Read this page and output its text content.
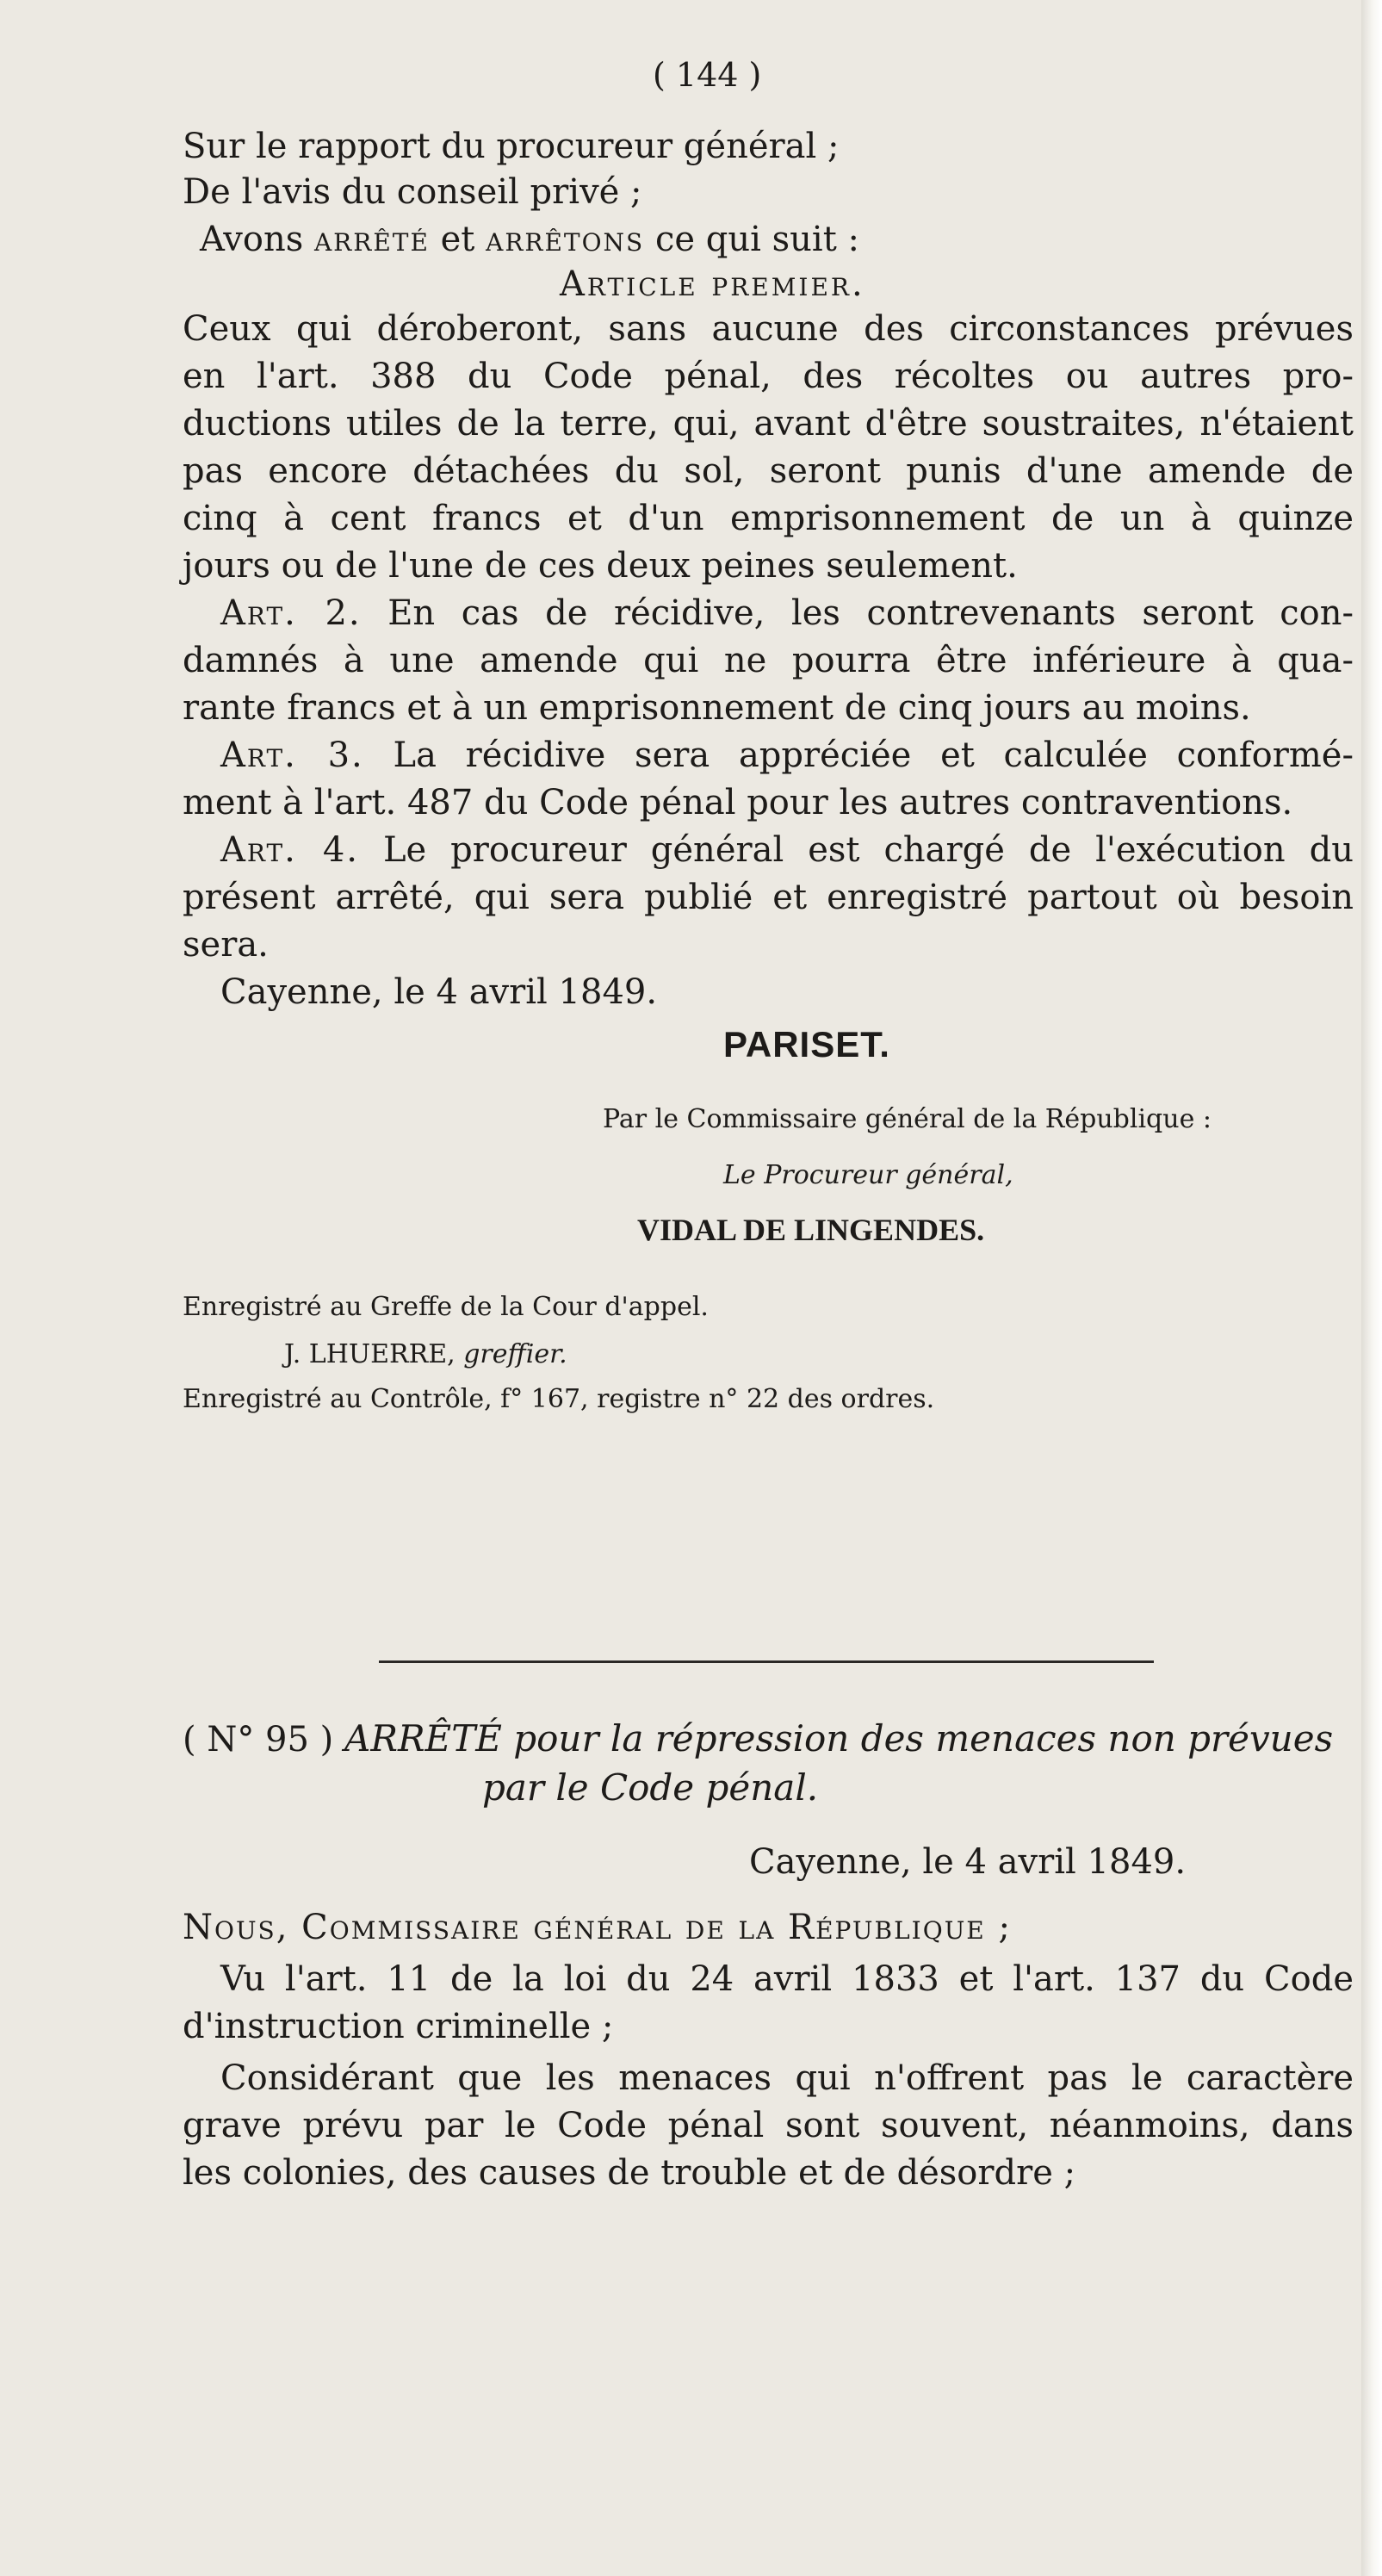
( 144 )
Sur le rapport du procureur général ;
De l'avis du conseil privé ;
Avons arrêté et arrêtons ce qui suit :
Article premier.
Ceux qui déroberont, sans aucune des circonstances prévues
en l'art. 388 du Code pénal, des récoltes ou autres pro-
ductions utiles de la terre, qui, avant d'être soustraites, n'étaient
pas encore détachées du sol, seront punis d'une amende de
cinq à cent francs et d'un emprisonnement de un à quinze
jours ou de l'une de ces deux peines seulement.
Art. 2. En cas de récidive, les contrevenants seront con-
damnés à une amende qui ne pourra être inférieure à qua-
rante francs et à un emprisonnement de cinq jours au moins.
Art. 3. La récidive sera appréciée et calculée conformé-
ment à l'art. 487 du Code pénal pour les autres contraventions.
Art. 4. Le procureur général est chargé de l'exécution du
présent arrêté, qui sera publié et enregistré partout où besoin
sera.
Cayenne, le 4 avril 1849.
PARISET.
Par le Commissaire général de la République :
Le Procureur général,
VIDAL DE LINGENDES.
Enregistré au Greffe de la Cour d'appel.
J. LHUERRE, greffier.
Enregistré au Contrôle, f° 167, registre n° 22 des ordres.
( N° 95 ) ARRÊTÉ pour la répression des menaces non prévues
par le Code pénal.
Cayenne, le 4 avril 1849.
Nous, Commissaire général de la République ;
Vu l'art. 11 de la loi du 24 avril 1833 et l'art. 137 du Code
d'instruction criminelle ;
Considérant que les menaces qui n'offrent pas le caractère
grave prévu par le Code pénal sont souvent, néanmoins, dans
les colonies, des causes de trouble et de désordre ;
